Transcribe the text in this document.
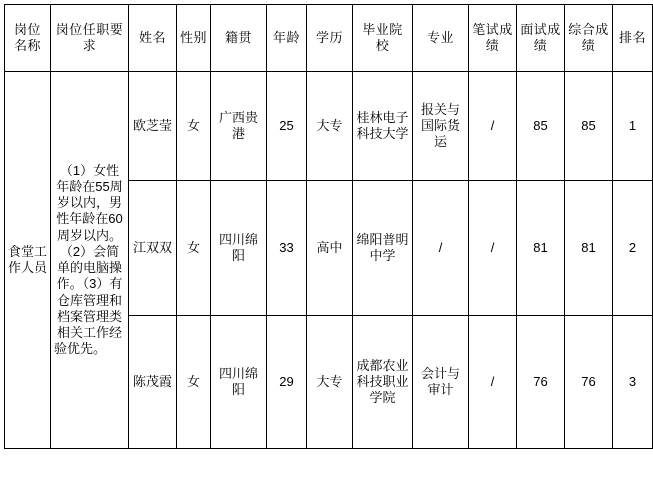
岗位名称	岗位任职要求	姓名	性别	籍贯	年龄	学历	毕业院校	专业	笔试成绩	面试成绩	综合成绩	排名
食堂工作人员	（1）女性年龄在55周岁以内，男性年龄在60周岁以内。（2）会简单的电脑操作。（3）有仓库管理和档案管理类相关工作经验优先。	欧芝莹	女	广西贵港	25	大专	桂林电子科技大学	报关与国际货运	/	85	85	1
		江双双	女	四川绵阳	33	高中	绵阳普明中学	/	/	81	81	2
		陈茂霞	女	四川绵阳	29	大专	成都农业科技职业学院	会计与审计	/	76	76	3
